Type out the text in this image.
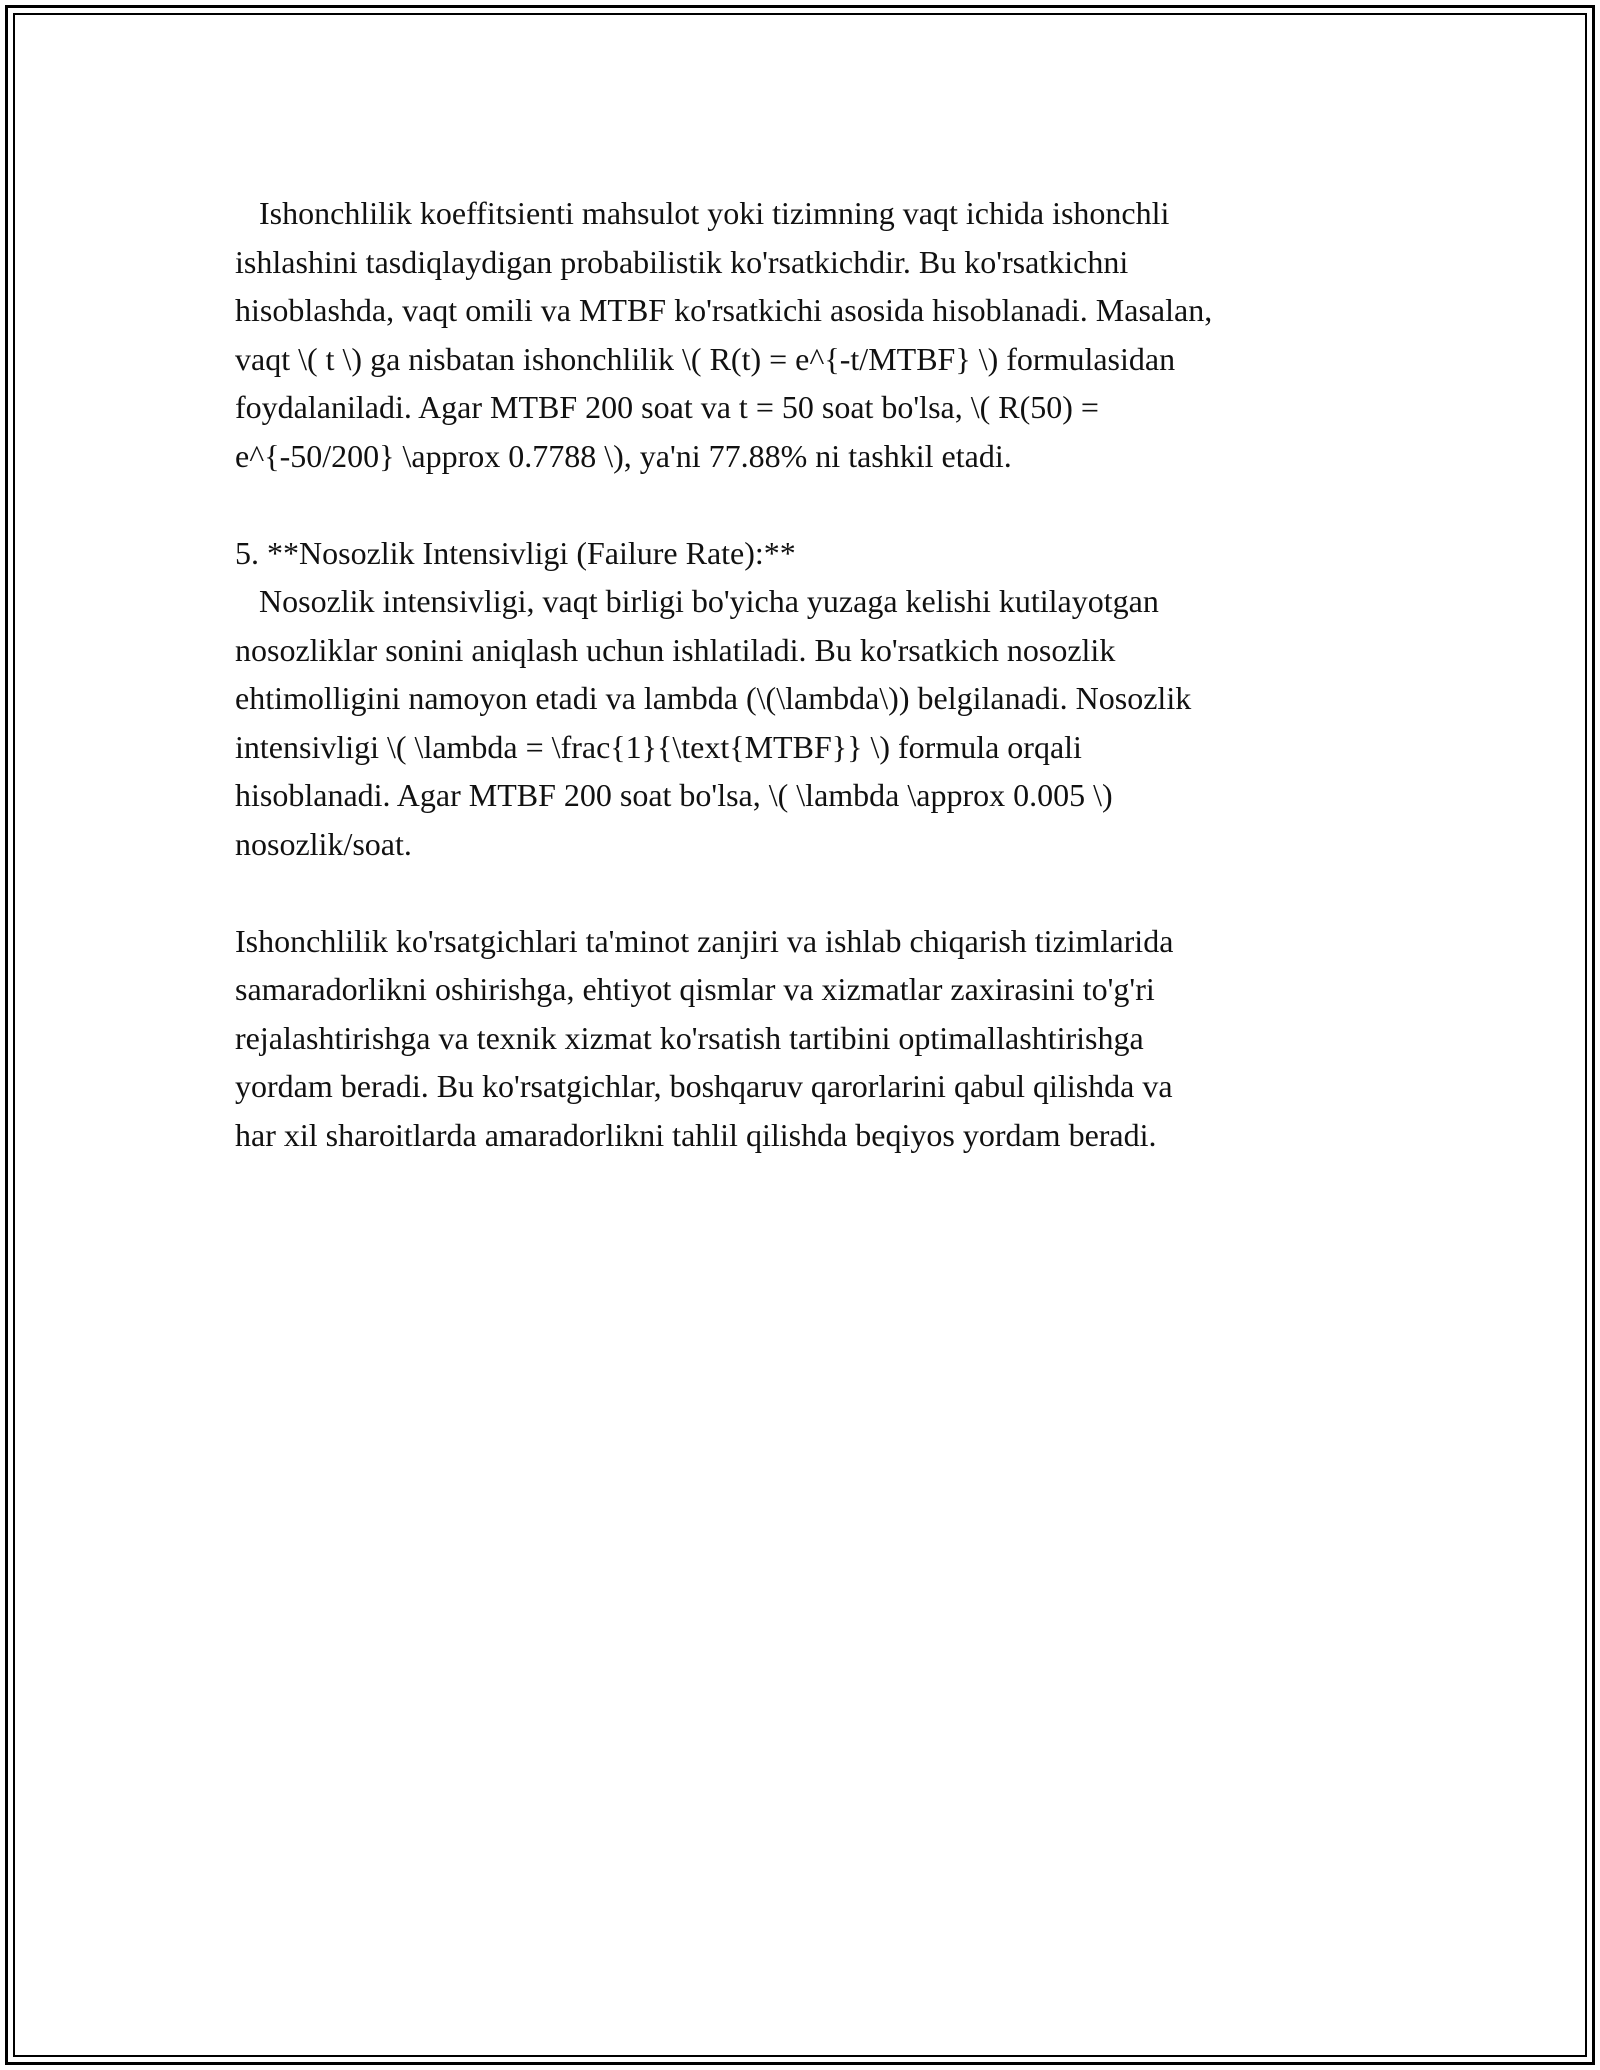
Ishonchlilik koeffitsienti mahsulot yoki tizimning vaqt ichida ishonchli

ishlashini tasdiqlaydigan probabilistik ko'rsatkichdir. Bu ko'rsatkichni

hisoblashda, vaqt omili va MTBF ko'rsatkichi asosida hisoblanadi. Masalan,

vaqt \( t \) ga nisbatan ishonchlilik \( R(t) = e^{-t/MTBF} \) formulasidan

foydalaniladi. Agar MTBF 200 soat va t = 50 soat bo'lsa, \( R(50) =

e^{-50/200} \approx 0.7788 \), ya'ni 77.88% ni tashkil etadi.

5. **Nosozlik Intensivligi (Failure Rate):**

Nosozlik intensivligi, vaqt birligi bo'yicha yuzaga kelishi kutilayotgan

nosozliklar sonini aniqlash uchun ishlatiladi. Bu ko'rsatkich nosozlik

ehtimolligini namoyon etadi va lambda (\(\lambda\)) belgilanadi. Nosozlik

intensivligi \( \lambda = \frac{1}{\text{MTBF}} \) formula orqali

hisoblanadi. Agar MTBF 200 soat bo'lsa, \( \lambda \approx 0.005 \)

nosozlik/soat.

Ishonchlilik ko'rsatgichlari ta'minot zanjiri va ishlab chiqarish tizimlarida

samaradorlikni oshirishga, ehtiyot qismlar va xizmatlar zaxirasini to'g'ri

rejalashtirishga va texnik xizmat ko'rsatish tartibini optimallashtirishga

yordam beradi. Bu ko'rsatgichlar, boshqaruv qarorlarini qabul qilishda va

har xil sharoitlarda amaradorlikni tahlil qilishda beqiyos yordam beradi.
